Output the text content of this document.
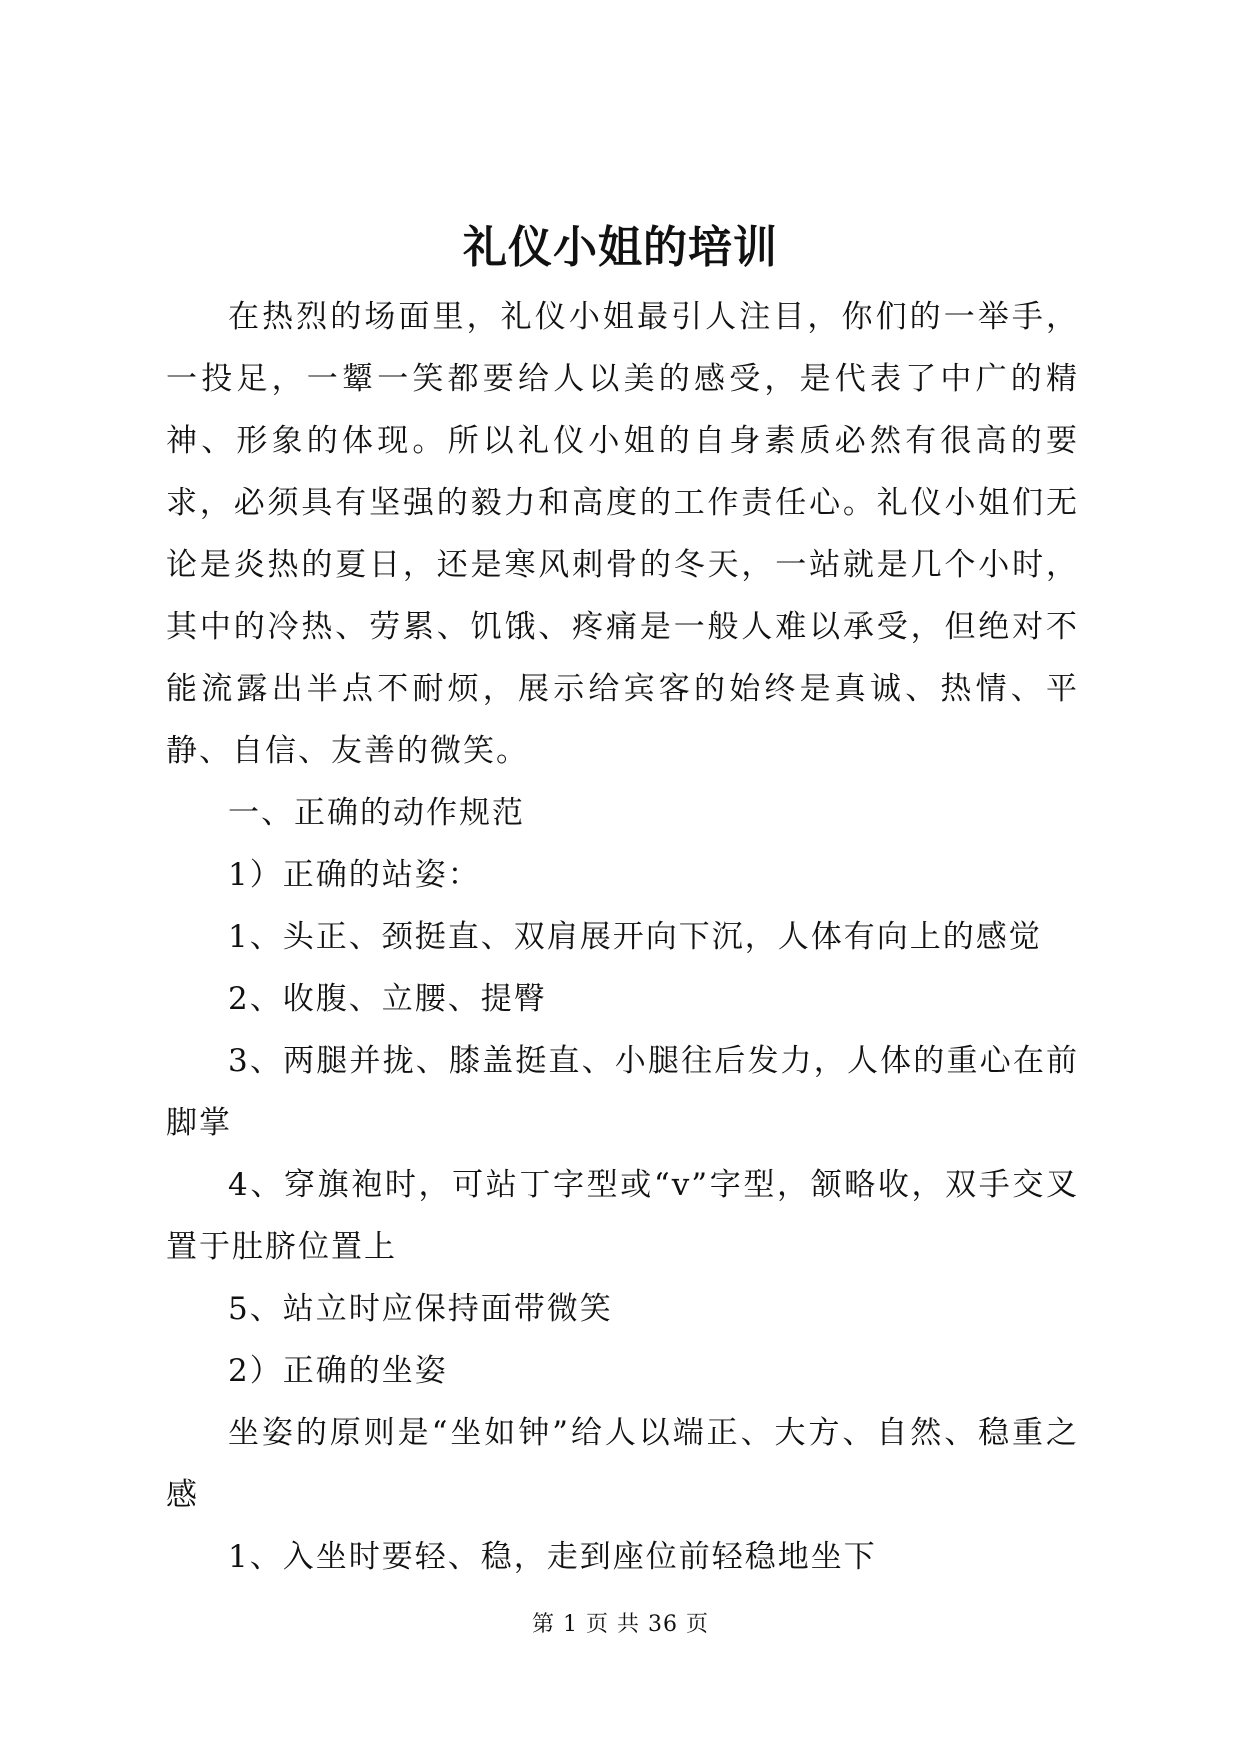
礼仪小姐的培训

在热烈的场面里，礼仪小姐最引人注目，你们的一举手，一投足，一颦一笑都要给人以美的感受，是代表了中广的精神、形象的体现。所以礼仪小姐的自身素质必然有很高的要求，必须具有坚强的毅力和高度的工作责任心。礼仪小姐们无论是炎热的夏日，还是寒风刺骨的冬天，一站就是几个小时，其中的冷热、劳累、饥饿、疼痛是一般人难以承受，但绝对不能流露出半点不耐烦，展示给宾客的始终是真诚、热情、平静、自信、友善的微笑。

一、正确的动作规范

1）正确的站姿：

1、头正、颈挺直、双肩展开向下沉，人体有向上的感觉

2、收腹、立腰、提臀

3、两腿并拢、膝盖挺直、小腿往后发力，人体的重心在前脚掌

4、穿旗袍时，可站丁字型或“v”字型，颔略收，双手交叉置于肚脐位置上

5、站立时应保持面带微笑

2）正确的坐姿

坐姿的原则是“坐如钟”给人以端正、大方、自然、稳重之感

1、入坐时要轻、稳，走到座位前轻稳地坐下

第 1 页 共 36 页
